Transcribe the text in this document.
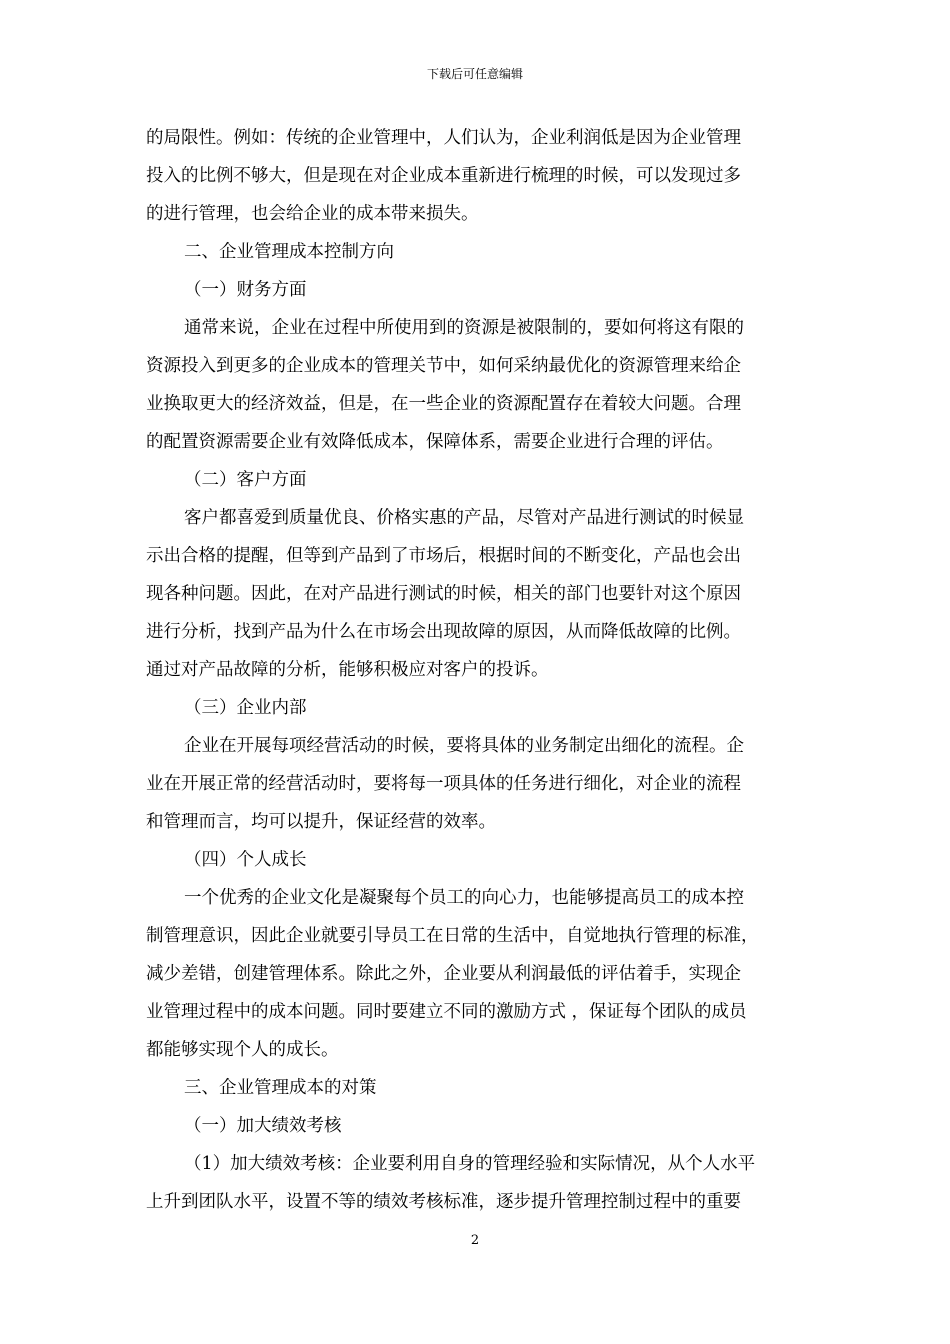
下载后可任意编辑
的局限性。例如：传统的企业管理中，人们认为，企业利润低是因为企业管理
投入的比例不够大，但是现在对企业成本重新进行梳理的时候，可以发现过多
的进行管理，也会给企业的成本带来损失。
二、企业管理成本控制方向
（一）财务方面
通常来说，企业在过程中所使用到的资源是被限制的，要如何将这有限的
资源投入到更多的企业成本的管理关节中，如何采纳最优化的资源管理来给企
业换取更大的经济效益，但是，在一些企业的资源配置存在着较大问题。合理
的配置资源需要企业有效降低成本，保障体系，需要企业进行合理的评估。
（二）客户方面
客户都喜爱到质量优良、价格实惠的产品，尽管对产品进行测试的时候显
示出合格的提醒，但等到产品到了市场后，根据时间的不断变化，产品也会出
现各种问题。因此，在对产品进行测试的时候，相关的部门也要针对这个原因
进行分析，找到产品为什么在市场会出现故障的原因，从而降低故障的比例。
通过对产品故障的分析，能够积极应对客户的投诉。
（三）企业内部
企业在开展每项经营活动的时候，要将具体的业务制定出细化的流程。企
业在开展正常的经营活动时，要将每一项具体的任务进行细化，对企业的流程
和管理而言，均可以提升，保证经营的效率。
（四）个人成长
一个优秀的企业文化是凝聚每个员工的向心力，也能够提高员工的成本控
制管理意识，因此企业就要引导员工在日常的生活中，自觉地执行管理的标准，
减少差错，创建管理体系。除此之外，企业要从利润最低的评估着手，实现企
业管理过程中的成本问题。同时要建立不同的激励方式 ，保证每个团队的成员
都能够实现个人的成长。
三、企业管理成本的对策
（一）加大绩效考核
（1）加大绩效考核：企业要利用自身的管理经验和实际情况，从个人水平
上升到团队水平，设置不等的绩效考核标准，逐步提升管理控制过程中的重要
2
